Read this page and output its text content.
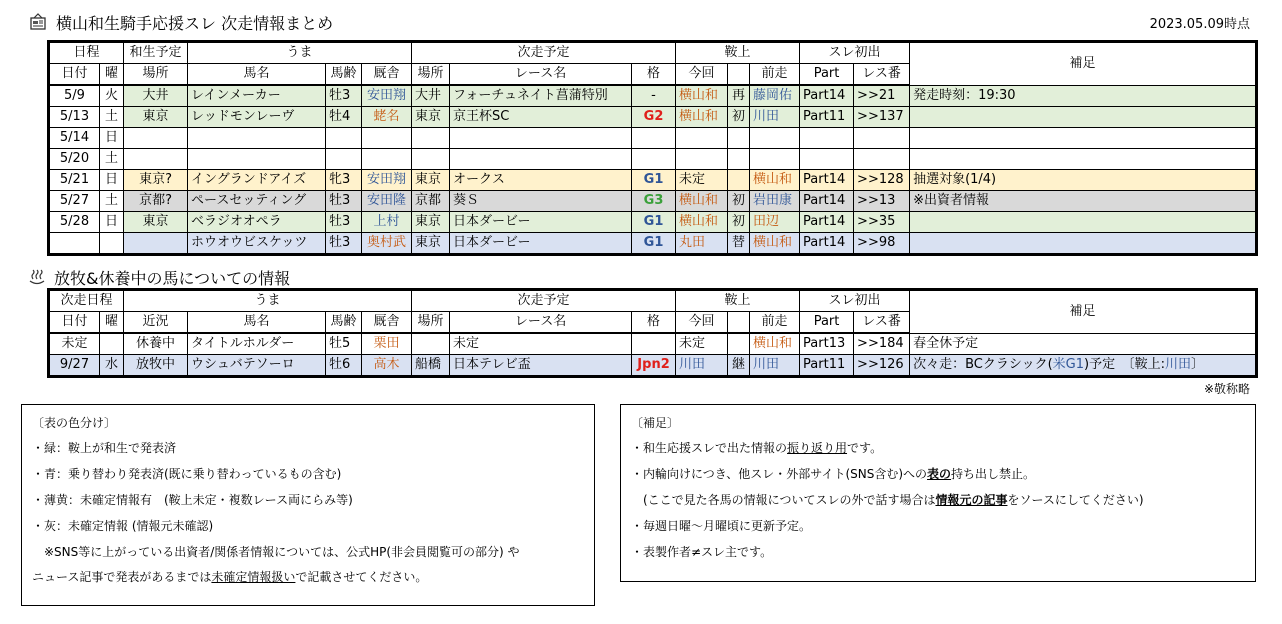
横山和生騎手応援スレ 次走情報まとめ	2023.05.09時点
日程		和生予定	うま			次走予定			鞍上			スレ初出		補足
日付	曜	場所	馬名	馬齢	厩舎	場所	レース名	格	今回		前走	Part	レス番	
5/9	火	大井	レインメーカー	牡3	安田翔	大井	フォーチュネイト菖蒲特別	-	横山和	再	藤岡佑	Part14	>>21	発走時刻：19:30
5/13	土	東京	レッドモンレーヴ	牡4	蛯名	東京	京王杯SC	G2	横山和	初	川田	Part11	>>137	
5/14	日													
5/20	土													
5/21	日	東京?	イングランドアイズ	牝3	安田翔	東京	オークス	G1	未定		横山和	Part14	>>128	抽選対象(1/4)
5/27	土	京都?	ペースセッティング	牡3	安田隆	京都	葵Ｓ	G3	横山和	初	岩田康	Part14	>>13	※出資者情報
5/28	日	東京	ベラジオオペラ	牡3	上村	東京	日本ダービー	G1	横山和	初	田辺	Part14	>>35	
			ホウオウビスケッツ	牡3	奥村武	東京	日本ダービー	G1	丸田	替	横山和	Part14	>>98	
放牧&休養中の馬についての情報
次走日程		うま				次走予定			鞍上			スレ初出		補足
日付	曜	近況	馬名	馬齢	厩舎	場所	レース名	格	今回		前走	Part	レス番	
未定		休養中	タイトルホルダー	牡5	栗田		未定		未定		横山和	Part13	>>184	春全休予定
9/27	水	放牧中	ウシュバテソーロ	牡6	高木	船橋	日本テレビ盃	Jpn2	川田	継	川田	Part11	>>126	次々走：BCクラシック(米G1)予定　〔鞍上:川田〕
※敬称略
〔表の色分け〕
・緑：鞍上が和生で発表済
・青：乗り替わり発表済(既に乗り替わっているもの含む)
・薄黄：未確定情報有　(鞍上未定・複数レース両にらみ等)
・灰：未確定情報 (情報元未確認)
　※SNS等に上がっている出資者/関係者情報については、公式HP(非会員閲覧可の部分) や
ニュース記事で発表があるまでは未確定情報扱いで記載させてください。
〔補足〕
・和生応援スレで出た情報の振り返り用です。
・内輪向けにつき、他スレ・外部サイト(SNS含む)への表の持ち出し禁止。
　(ここで見た各馬の情報についてスレの外で話す場合は情報元の記事をソースにしてください)
・毎週日曜～月曜頃に更新予定。
・表製作者≠スレ主です。
